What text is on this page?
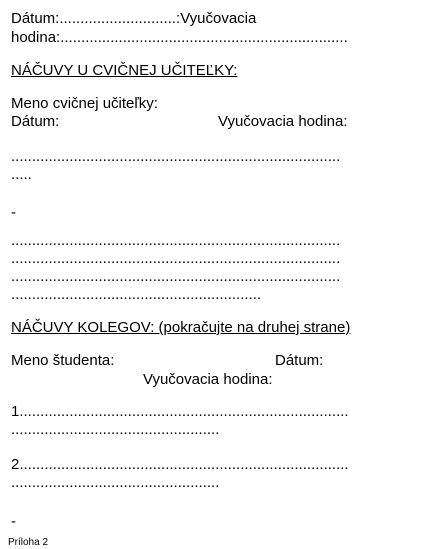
Dátum:............................:Vyučovacia

hodina:.....................................................................

NÁČUVY U CVIČNEJ UČITEĽKY:

Meno cvičnej učiteľky:

Dátum:	Vyučovacia hodina:

...............................................................................

.....

-

...............................................................................

...............................................................................

...............................................................................

............................................................

NÁČUVY KOLEGOV: (pokračujte na druhej strane)

Meno študenta:	Dátum:

Vyučovacia hodina:

1...............................................................................

..................................................

2...............................................................................

..................................................

-

Príloha 2
